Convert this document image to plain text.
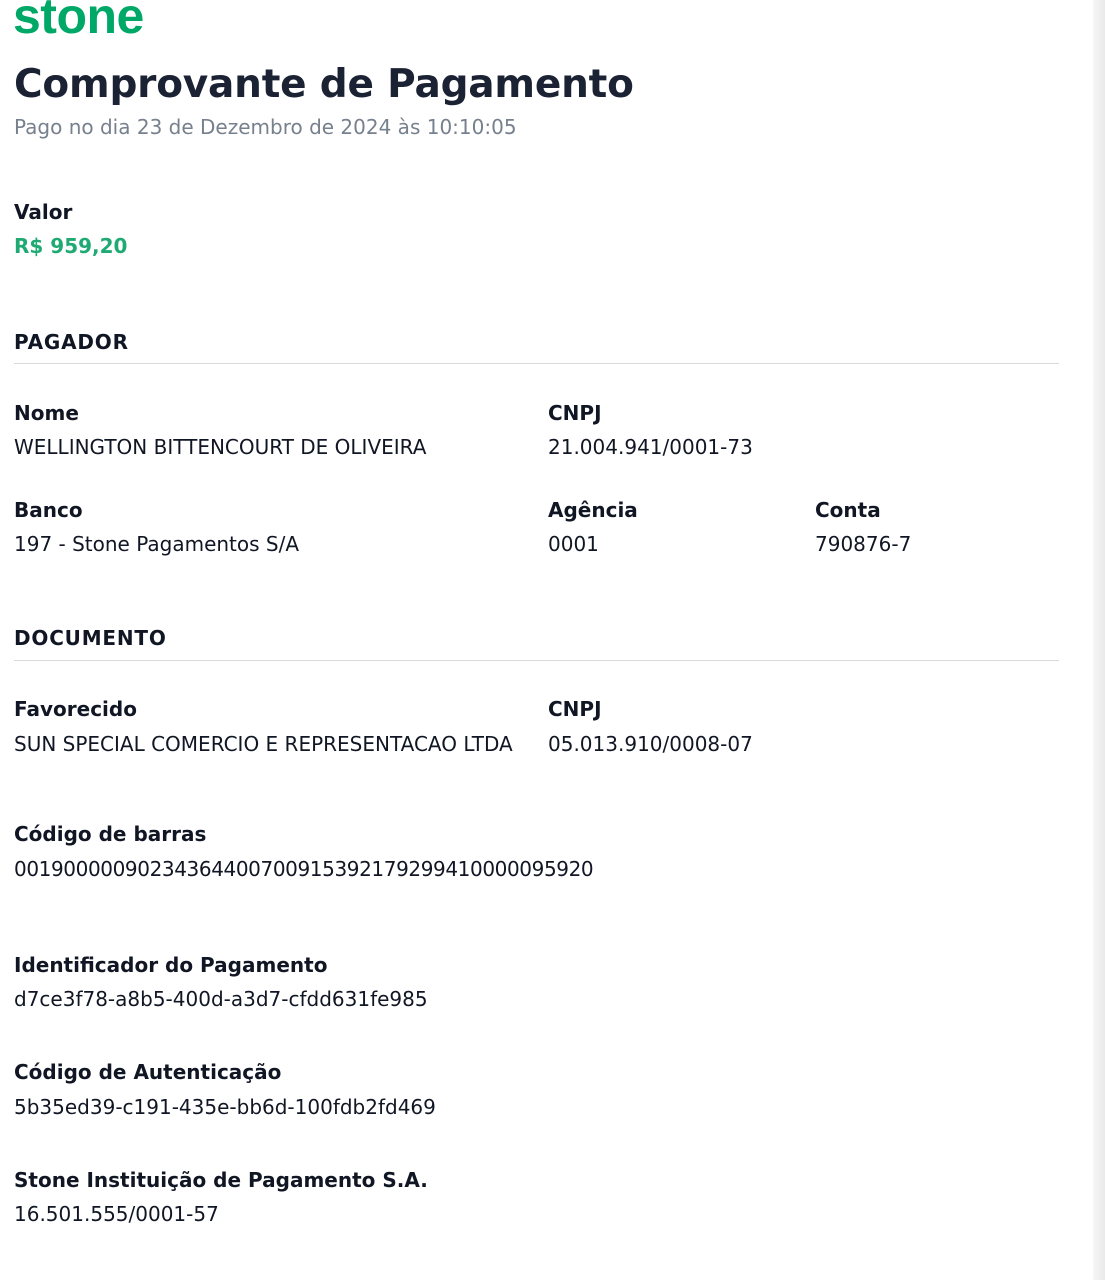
stone
Comprovante de Pagamento
Pago no dia 23 de Dezembro de 2024 às 10:10:05
Valor
R$ 959,20
PAGADOR
Nome
WELLINGTON BITTENCOURT DE OLIVEIRA
CNPJ
21.004.941/0001-73
Banco
197 - Stone Pagamentos S/A
Agência
0001
Conta
790876-7
DOCUMENTO
Favorecido
SUN SPECIAL COMERCIO E REPRESENTACAO LTDA
CNPJ
05.013.910/0008-07
Código de barras
00190000090234364400700915392179299410000095920
Identificador do Pagamento
d7ce3f78-a8b5-400d-a3d7-cfdd631fe985
Código de Autenticação
5b35ed39-c191-435e-bb6d-100fdb2fd469
Stone Instituição de Pagamento S.A.
16.501.555/0001-57
